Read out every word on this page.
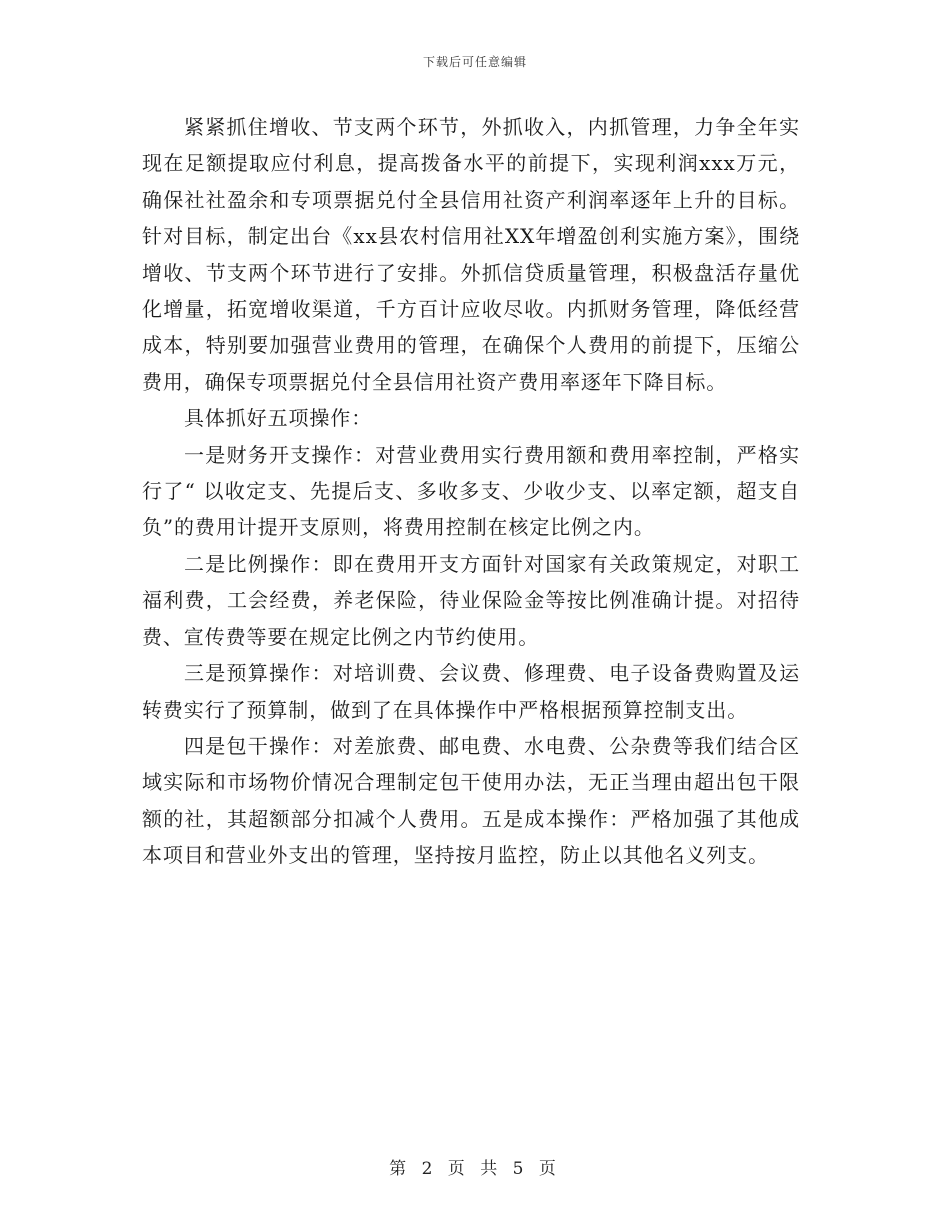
下载后可任意编辑

紧紧抓住增收、节支两个环节，外抓收入，内抓管理，力争全年实现在足额提取应付利息，提高拨备水平的前提下，实现利润xxx万元，确保社社盈余和专项票据兑付全县信用社资产利润率逐年上升的目标。针对目标，制定出台《xx县农村信用社XX年增盈创利实施方案》，围绕增收、节支两个环节进行了安排。外抓信贷质量管理，积极盘活存量优化增量，拓宽增收渠道，千方百计应收尽收。内抓财务管理，降低经营成本，特别要加强营业费用的管理，在确保个人费用的前提下，压缩公费用，确保专项票据兑付全县信用社资产费用率逐年下降目标。

具体抓好五项操作：

一是财务开支操作：对营业费用实行费用额和费用率控制，严格实行了“ 以收定支、先提后支、多收多支、少收少支、以率定额，超支自负”的费用计提开支原则，将费用控制在核定比例之内。

二是比例操作：即在费用开支方面针对国家有关政策规定，对职工福利费，工会经费，养老保险，待业保险金等按比例准确计提。对招待费、宣传费等要在规定比例之内节约使用。

三是预算操作：对培训费、会议费、修理费、电子设备费购置及运转费实行了预算制，做到了在具体操作中严格根据预算控制支出。

四是包干操作：对差旅费、邮电费、水电费、公杂费等我们结合区域实际和市场物价情况合理制定包干使用办法，无正当理由超出包干限额的社，其超额部分扣减个人费用。五是成本操作：严格加强了其他成本项目和营业外支出的管理，坚持按月监控，防止以其他名义列支。

第 2 页 共 5 页
